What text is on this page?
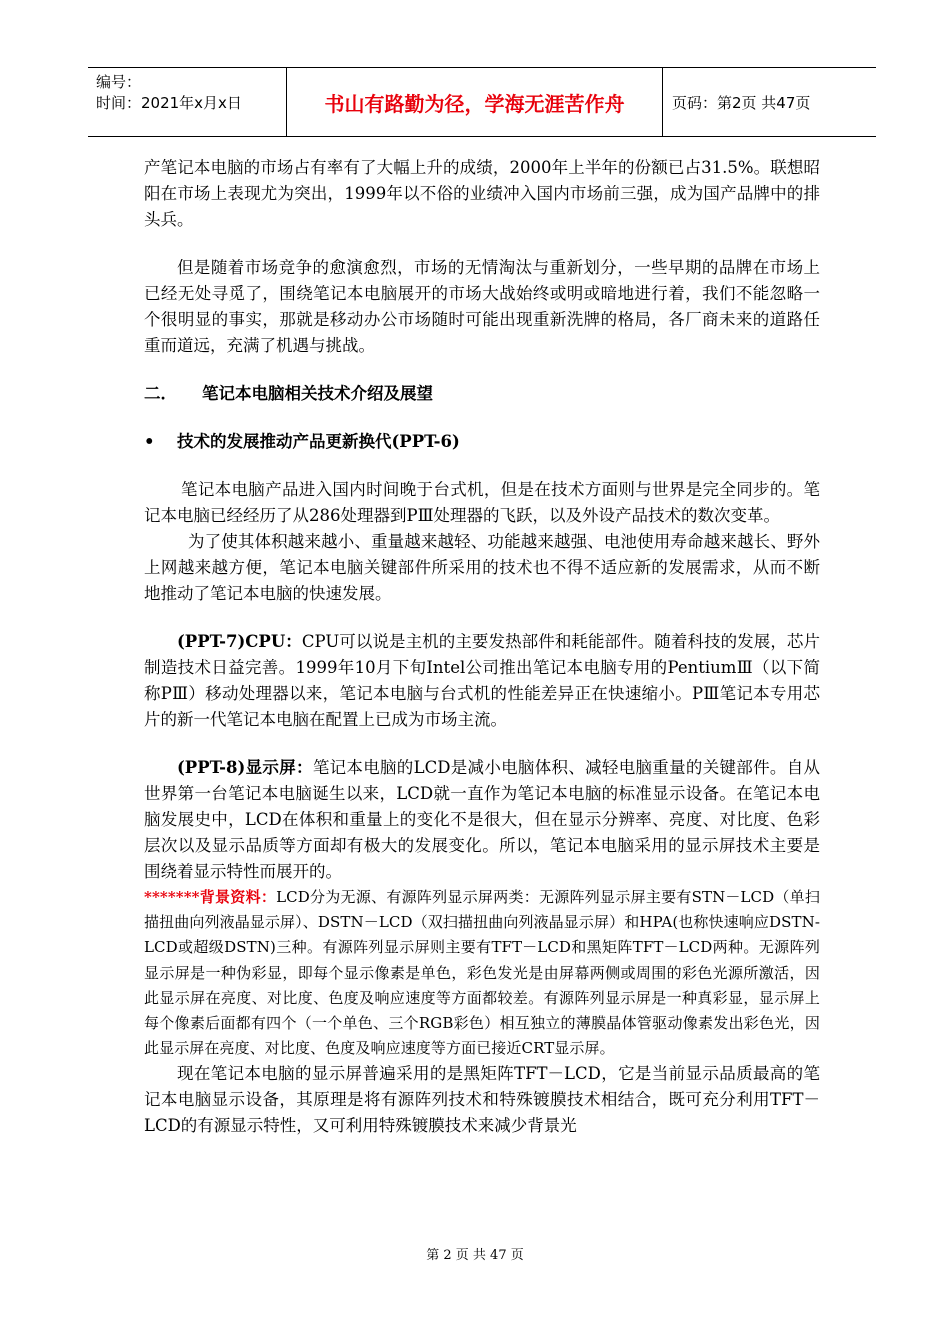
编号：
时间：2021年x月x日	书山有路勤为径，学海无涯苦作舟	页码：第2页 共47页

产笔记本电脑的市场占有率有了大幅上升的成绩，2000年上半年的份额已占31.5%。联想昭阳在市场上表现尤为突出，1999年以不俗的业绩冲入国内市场前三强，成为国产品牌中的排头兵。

但是随着市场竞争的愈演愈烈，市场的无情淘汰与重新划分，一些早期的品牌在市场上已经无处寻觅了，围绕笔记本电脑展开的市场大战始终或明或暗地进行着，我们不能忽略一个很明显的事实，那就是移动办公市场随时可能出现重新洗牌的格局，各厂商未来的道路任重而道远，充满了机遇与挑战。

二． 笔记本电脑相关技术介绍及展望

• 技术的发展推动产品更新换代(PPT-6)

笔记本电脑产品进入国内时间晚于台式机，但是在技术方面则与世界是完全同步的。笔记本电脑已经经历了从286处理器到PⅢ处理器的飞跃，以及外设产品技术的数次变革。

为了使其体积越来越小、重量越来越轻、功能越来越强、电池使用寿命越来越长、野外上网越来越方便，笔记本电脑关键部件所采用的技术也不得不适应新的发展需求，从而不断地推动了笔记本电脑的快速发展。

(PPT-7)CPU：CPU可以说是主机的主要发热部件和耗能部件。随着科技的发展，芯片制造技术日益完善。1999年10月下旬Intel公司推出笔记本电脑专用的PentiumⅢ（以下简称PⅢ）移动处理器以来，笔记本电脑与台式机的性能差异正在快速缩小。PⅢ笔记本专用芯片的新一代笔记本电脑在配置上已成为市场主流。

(PPT-8)显示屏：笔记本电脑的LCD是减小电脑体积、减轻电脑重量的关键部件。自从世界第一台笔记本电脑诞生以来，LCD就一直作为笔记本电脑的标准显示设备。在笔记本电脑发展史中，LCD在体积和重量上的变化不是很大，但在显示分辨率、亮度、对比度、色彩层次以及显示品质等方面却有极大的发展变化。所以，笔记本电脑采用的显示屏技术主要是围绕着显示特性而展开的。

*******背景资料：LCD分为无源、有源阵列显示屏两类：无源阵列显示屏主要有STN－LCD（单扫描扭曲向列液晶显示屏）、DSTN－LCD（双扫描扭曲向列液晶显示屏）和HPA(也称快速响应DSTN-LCD或超级DSTN)三种。有源阵列显示屏则主要有TFT－LCD和黑矩阵TFT－LCD两种。无源阵列显示屏是一种伪彩显，即每个显示像素是单色，彩色发光是由屏幕两侧或周围的彩色光源所激活，因此显示屏在亮度、对比度、色度及响应速度等方面都较差。有源阵列显示屏是一种真彩显，显示屏上每个像素后面都有四个（一个单色、三个RGB彩色）相互独立的薄膜晶体管驱动像素发出彩色光，因此显示屏在亮度、对比度、色度及响应速度等方面已接近CRT显示屏。

现在笔记本电脑的显示屏普遍采用的是黑矩阵TFT－LCD，它是当前显示品质最高的笔记本电脑显示设备，其原理是将有源阵列技术和特殊镀膜技术相结合，既可充分利用TFT－LCD的有源显示特性，又可利用特殊镀膜技术来减少背景光

第 2 页 共 47 页
